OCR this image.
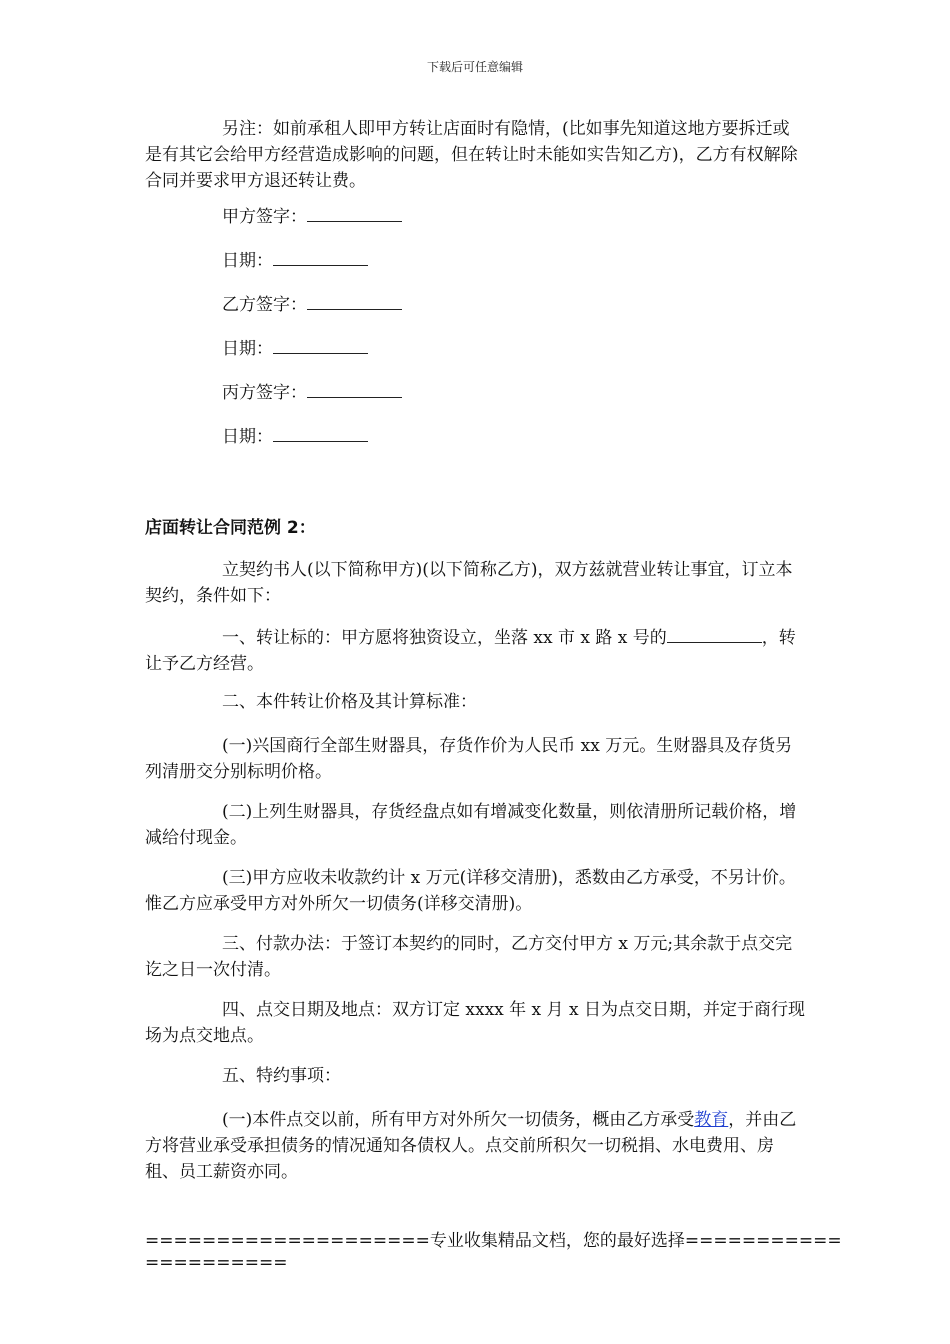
下载后可任意编辑
另注：如前承租人即甲方转让店面时有隐情，(比如事先知道这地方要拆迁或是有其它会给甲方经营造成影响的问题，但在转让时未能如实告知乙方)，乙方有权解除合同并要求甲方退还转让费。
甲方签字：
日期：
乙方签字：
日期：
丙方签字：
日期：
店面转让合同范例 2：
立契约书人(以下简称甲方)(以下简称乙方)，双方兹就营业转让事宜，订立本契约，条件如下：
一、转让标的：甲方愿将独资设立，坐落 xx 市 x 路 x 号的	，转让予乙方经营。
二、本件转让价格及其计算标准：
(一)兴国商行全部生财器具，存货作价为人民币 xx 万元。生财器具及存货另列清册交分别标明价格。
(二)上列生财器具，存货经盘点如有增减变化数量，则依清册所记载价格，增减给付现金。
(三)甲方应收未收款约计 x 万元(详移交清册)，悉数由乙方承受，不另计价。惟乙方应承受甲方对外所欠一切债务(详移交清册)。
三、付款办法：于签订本契约的同时，乙方交付甲方 x 万元;其余款于点交完讫之日一次付清。
四、点交日期及地点：双方订定 xxxx 年 x 月 x 日为点交日期，并定于商行现场为点交地点。
五、特约事项：
(一)本件点交以前，所有甲方对外所欠一切债务，概由乙方承受教育，并由乙方将营业承受承担债务的情况通知各债权人。点交前所积欠一切税捐、水电费用、房租、员工薪资亦同。
====================专业收集精品文档，您的最好选择=====================
